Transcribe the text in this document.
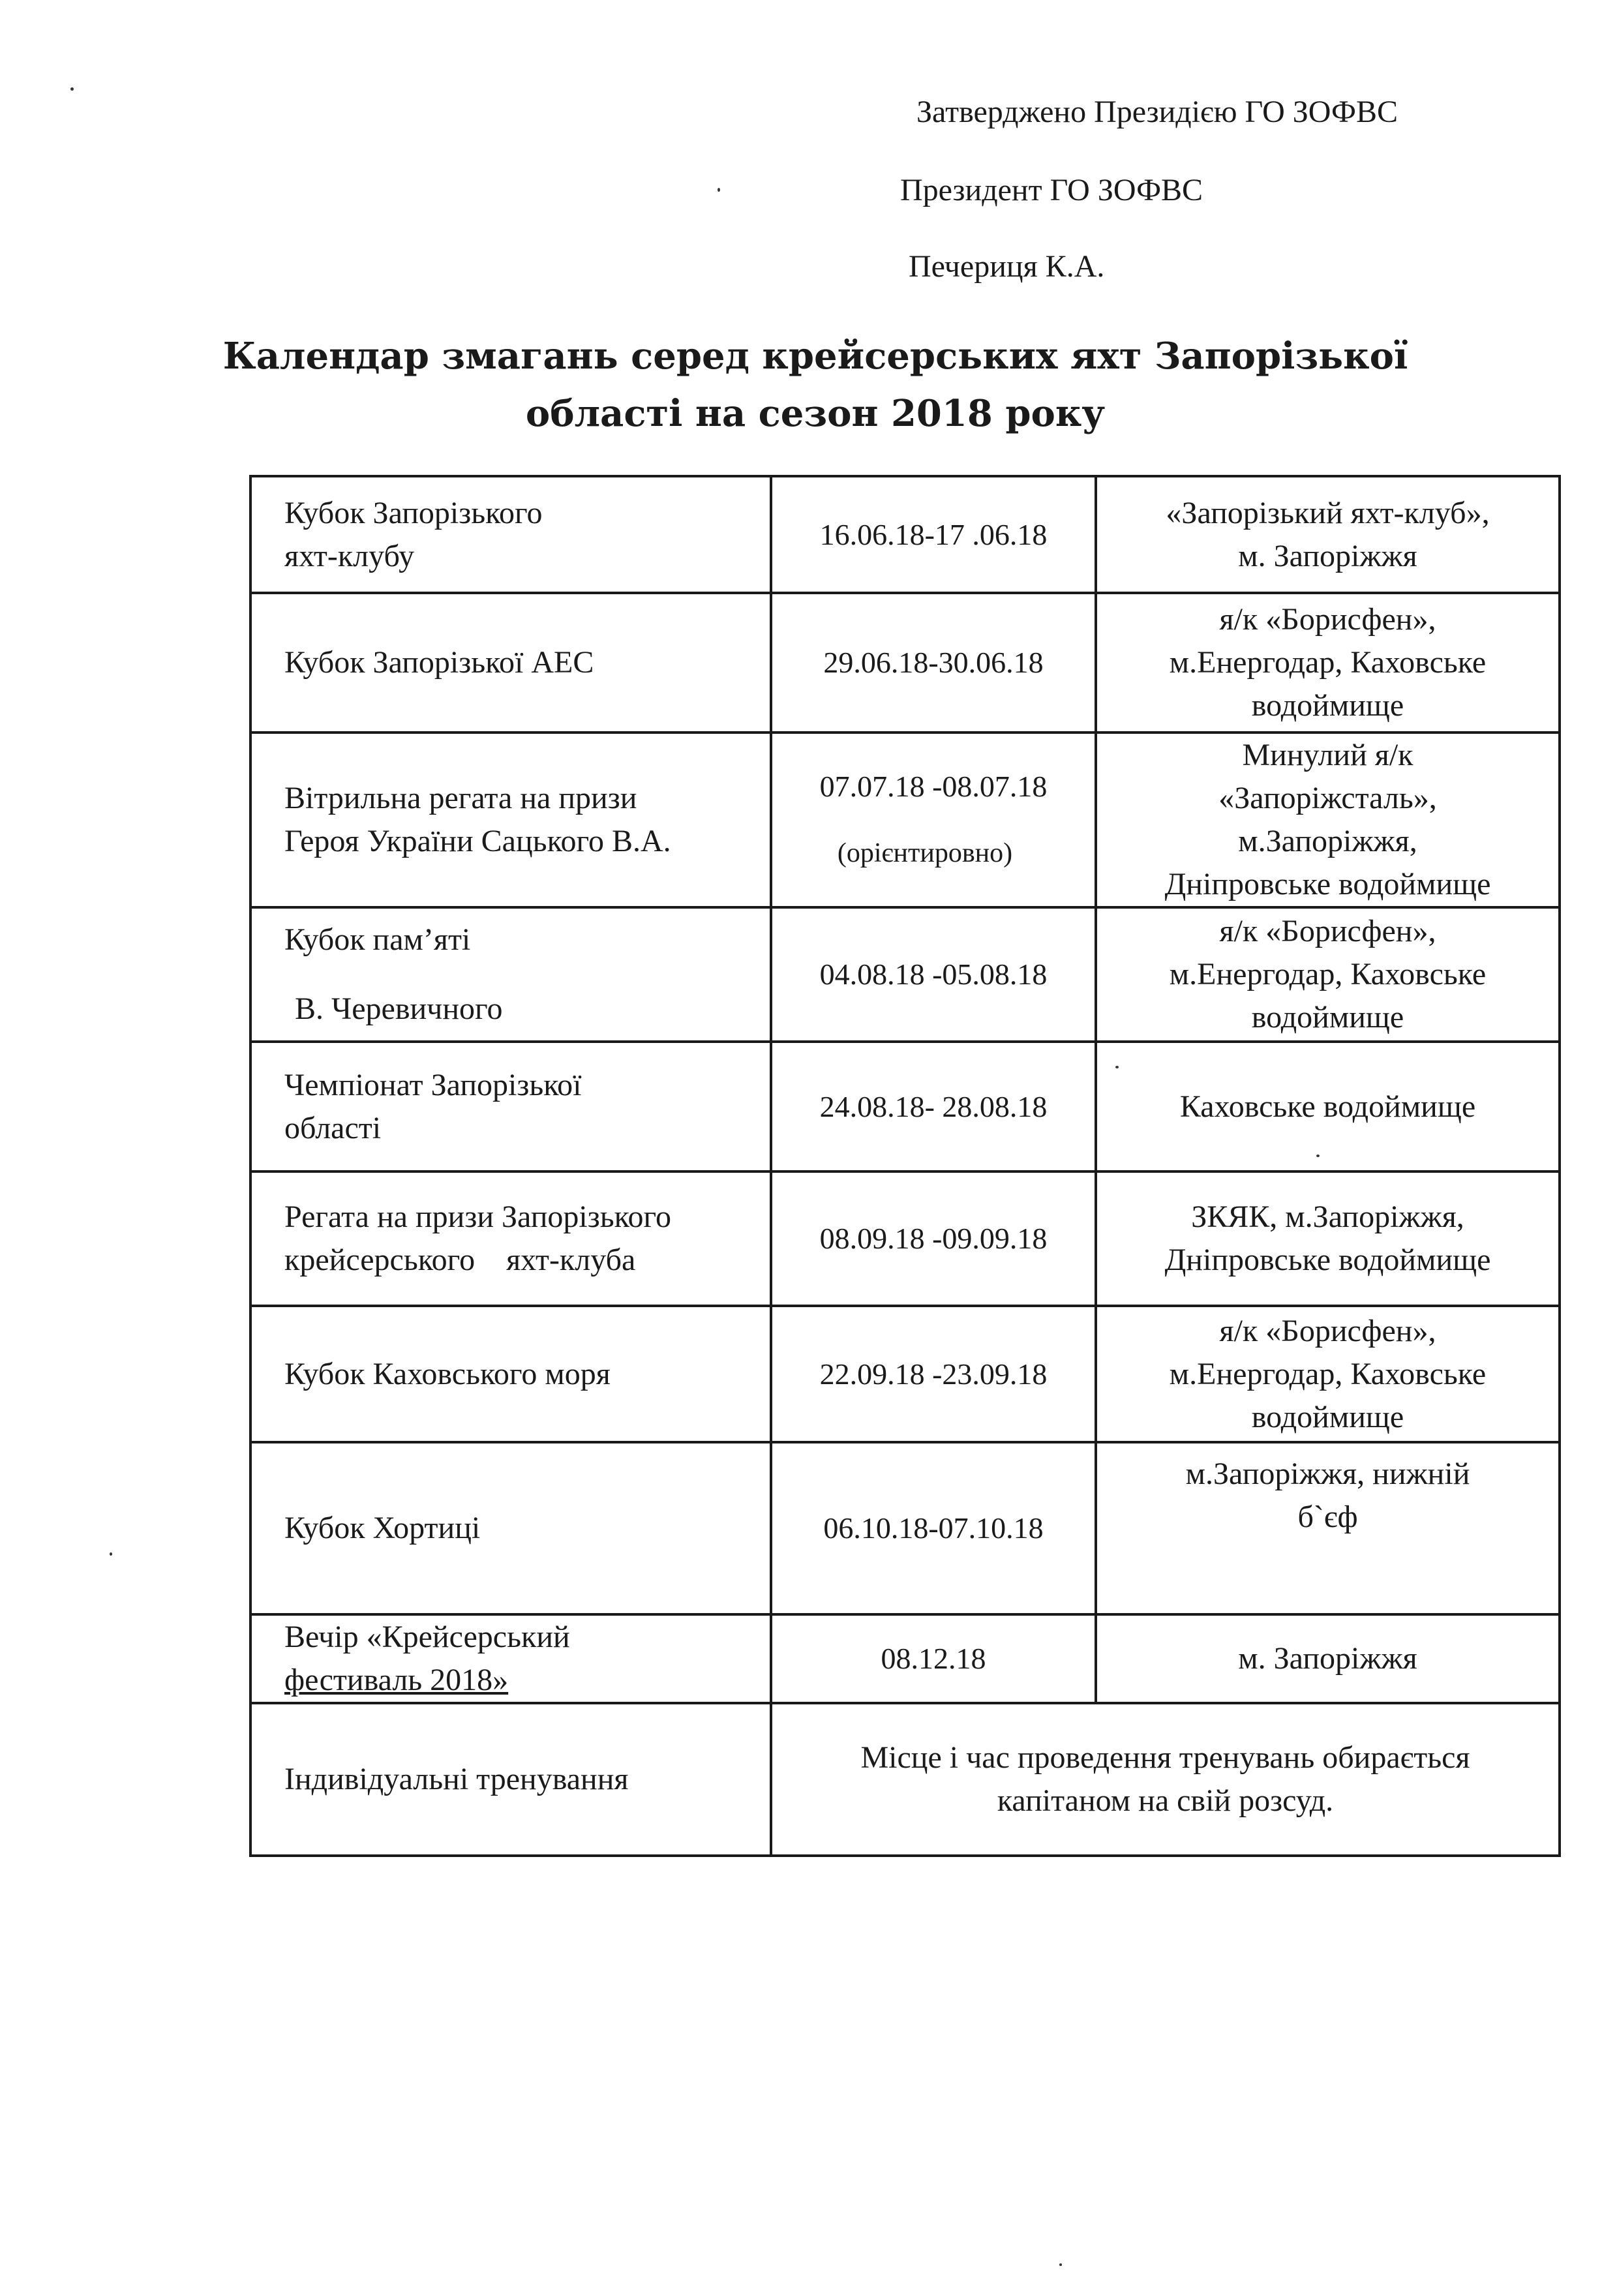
Затверджено Президією ГО ЗОФВС
Президент ГО ЗОФВС
Печериця К.А.
Календар змагань серед крейсерських яхт Запорізької
області на сезон 2018 року
Кубок Запорізького
яхт-клубу	16.06.18-17 .06.18	«Запорізький яхт-клуб»,
м. Запоріжжя

Кубок Запорізької АЕС	29.06.18-30.06.18	я/к «Борисфен»,
м.Енергодар, Каховське
водоймище

Вітрильна регата на призи
Героя України Сацького В.А.	07.07.18 -08.07.18
(орієнтировно)	Минулий я/к
«Запоріжсталь»,
м.Запоріжжя,
Дніпровське водоймище

Кубок пам’яті
В. Черевичного	04.08.18 -05.08.18	я/к «Борисфен»,
м.Енергодар, Каховське
водоймище

Чемпіонат Запорізької
області	24.08.18- 28.08.18	Каховське водоймище

Регата на призи Запорізького
крейсерського    яхт-клуба	08.09.18 -09.09.18	ЗКЯК, м.Запоріжжя,
Дніпровське водоймище

Кубок Каховського моря	22.09.18 -23.09.18	я/к «Борисфен»,
м.Енергодар, Каховське
водоймище

Кубок Хортиці	06.10.18-07.10.18	м.Запоріжжя, нижній
б`єф

Вечір «Крейсерський
фестиваль 2018»	08.12.18	м. Запоріжжя

Індивідуальні тренування	Місце і час проведення тренувань обирається
капітаном на свій розсуд.	
